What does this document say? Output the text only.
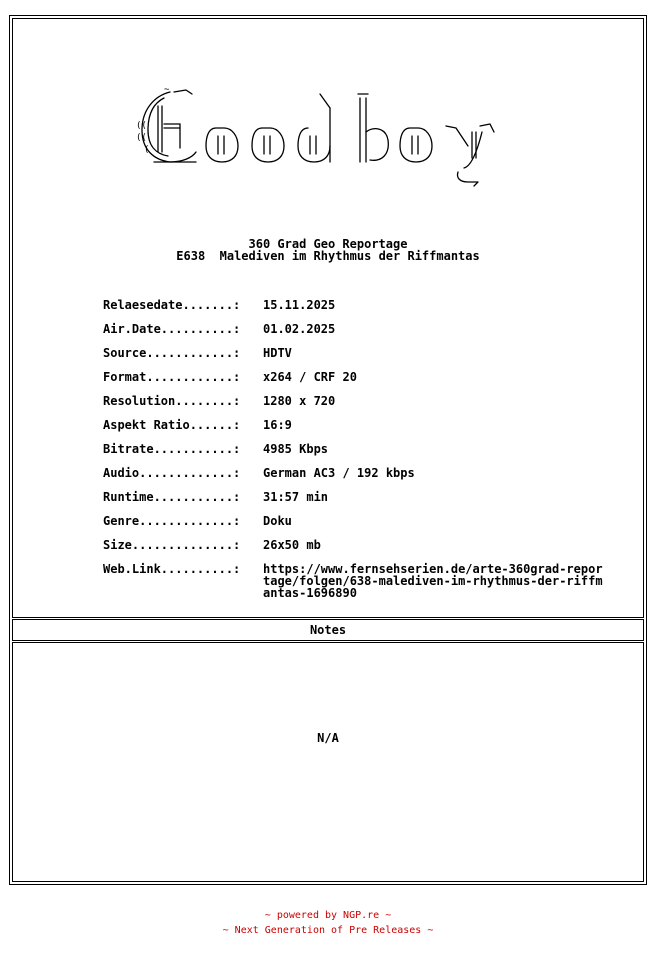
((
((
(
~
360 Grad Geo Reportage
E638  Malediven im Rhythmus der Riffmantas
Relaesedate.......:	15.11.2025
Air.Date..........:	01.02.2025
Source............:	HDTV
Format............:	x264 / CRF 20
Resolution........:	1280 x 720
Aspekt Ratio......:	16:9
Bitrate...........:	4985 Kbps
Audio.............:	German AC3 / 192 kbps
Runtime...........:	31:57 min
Genre.............:	Doku
Size..............:	26x50 mb
Web.Link..........:	https://www.fernsehserien.de/arte-360grad-reportage/folgen/638-malediven-im-rhythmus-der-riffmantas-1696890
Notes
N/A
~ powered by NGP.re ~
~ Next Generation of Pre Releases ~
